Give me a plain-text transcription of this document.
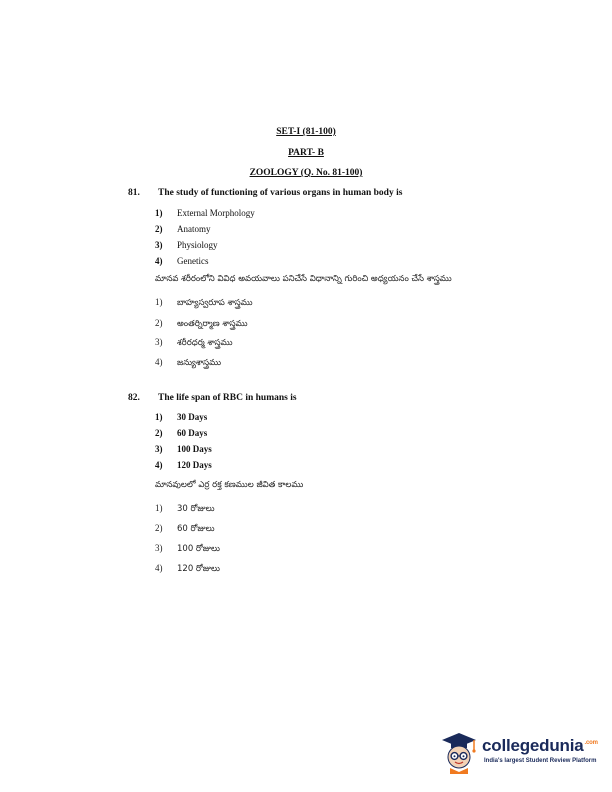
SET-I (81-100)
PART- B
ZOOLOGY (Q. No. 81-100)
81. The study of functioning of various organs in human body is
1) External Morphology
2) Anatomy
3) Physiology
4) Genetics
మానవ శరీరంలోని వివిధ అవయవాలు పనిచేసే విధానాన్ని గురించి అధ్యయనం చేసే శాస్త్రము
1) బాహ్యస్వరూప శాస్త్రము
2) అంతర్నిర్మాణ శాస్త్రము
3) శరీరధర్మ శాస్త్రము
4) జన్యుశాస్త్రము
82. The life span of RBC in humans is
1) 30 Days
2) 60 Days
3) 100 Days
4) 120 Days
మానవులలో ఎర్ర రక్త కణముల జీవిత కాలము
1) 30 రోజులు
2) 60 రోజులు
3) 100 రోజులు
4) 120 రోజులు
collegedunia$^{.com}$
India's largest Student Review Platform
